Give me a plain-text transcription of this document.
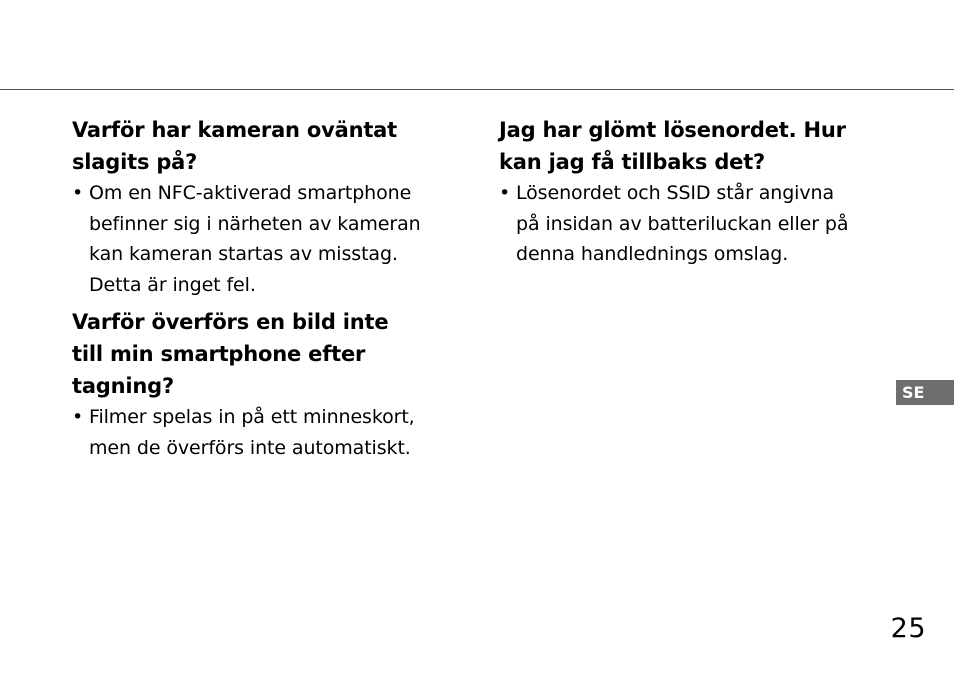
Varför har kameran oväntat
slagits på?
• Om en NFC-aktiverad smartphone
befinner sig i närheten av kameran
kan kameran startas av misstag.
Detta är inget fel.
Varför överförs en bild inte
till min smartphone efter
tagning?
• Filmer spelas in på ett minneskort,
men de överförs inte automatiskt.
Jag har glömt lösenordet. Hur
kan jag få tillbaks det?
• Lösenordet och SSID står angivna
på insidan av batteriluckan eller på
denna handlednings omslag.
SE
25
